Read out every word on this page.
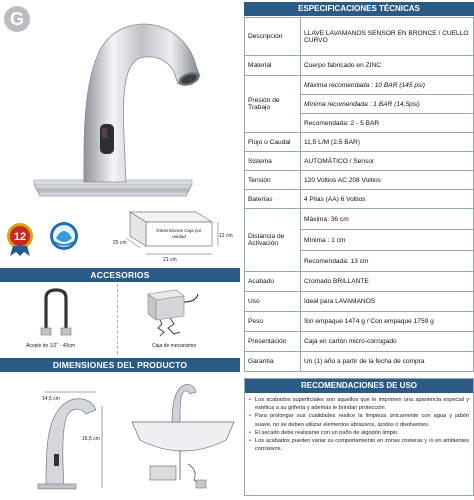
G
12
Dimensiones Caja por unidad	12 cm
25 cm
21 cm
ACCESORIOS
Acople de 1/2" - 40cm	Caja de mecanismo
DIMENSIONES DEL PRODUCTO
14,5 cm
16,5 cm
ESPECIFICACIONES TÉCNICAS
Descripción	LLAVE LAVAMANOS SENSOR EN BRONCE / CUELLO CURVO
Material	Cuerpo fabricado en ZINC
Presión de Trabajo	Máxima recomendada : 10 BAR (145 psi)
	Mínima recomendada : 1 BAR (14,5psi)
	Recomendada: 2 - 5 BAR
Flujo o Caudal	11,5 L/M (2.5 BAR)
Sistema	AUTOMÁTICO / Sensor
Tensión	120 Voltios AC 208 Voltios
Baterías	4 Pilas (AA) 6 Voltios
Distancia de Activación	Máxima: 36 cm
	Mínima : 1 cm
	Recomendada: 13 cm
Acabado	Cromado BRILLANTE
Uso	Ideal para LAVAMANOS
Peso	Sin empaque 1474 g / Con empaque 1759 g
Presentación	Caja en cartón micro-corrugado
Garantía	Un (1) año a partir de la fecha de compra
RECOMENDACIONES DE USO
• Los acabados superficiales son aquellos que le imprimen una apariencia especial y estética a su grifería y además le brindan protección.
• Para prolongar sus cualidades realice la limpieza únicamente con agua y jabón suave, no se deben utilizar elementos abrasivos, ácidos o disolventes.
• El secado debe realizarse con un paño de algodón limpio.
• Los acabados pueden variar su comportamiento en zonas costeras y /o en ambientes corrosivos.
